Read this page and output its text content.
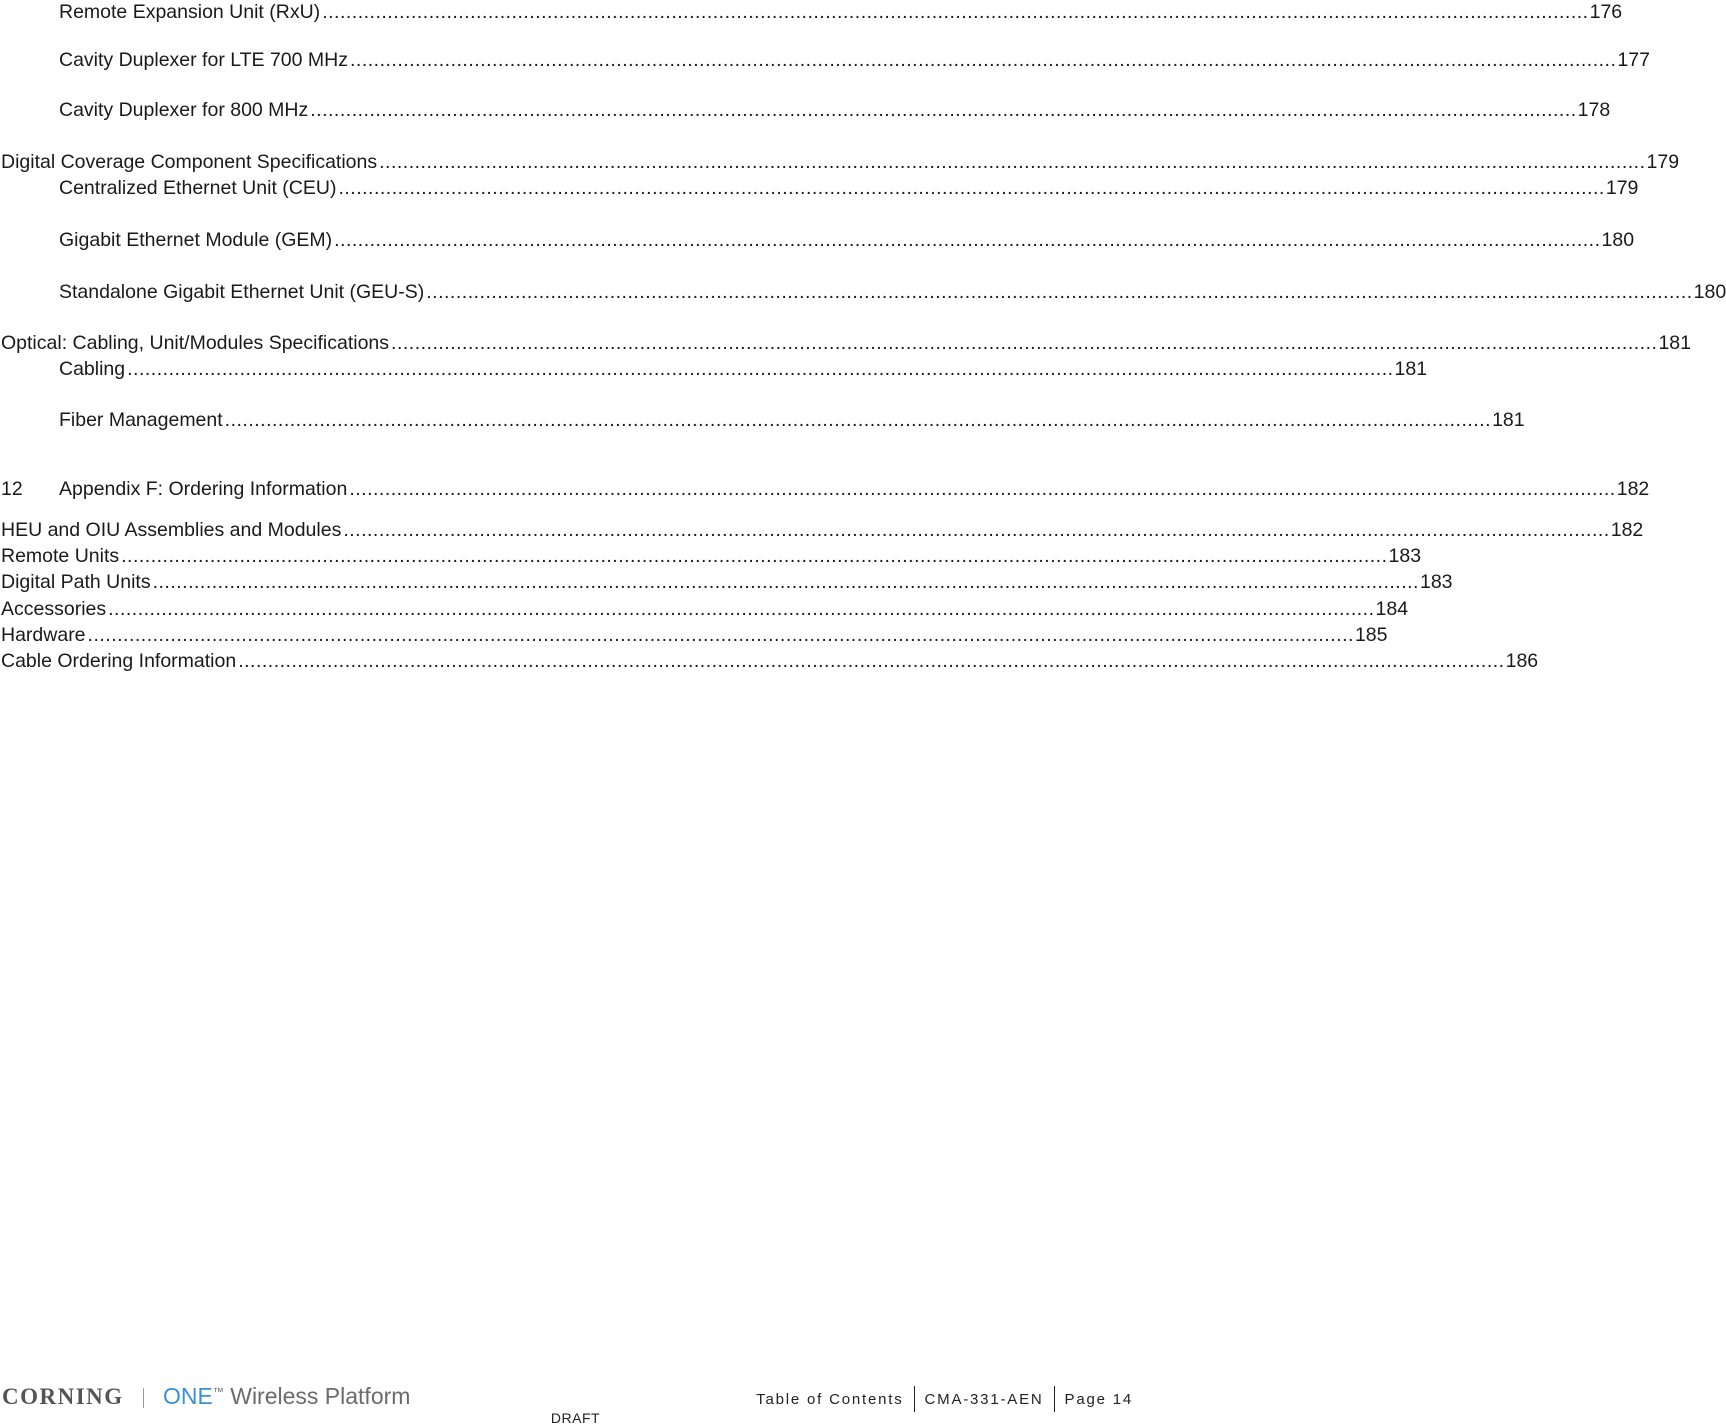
Remote Expansion Unit (RxU) ...................................................................................................................................................................................................................... 176
Cavity Duplexer for LTE 700 MHz ...................................................................................................................................................................................................................... 177
Cavity Duplexer for 800 MHz ...................................................................................................................................................................................................................... 178
Digital Coverage Component Specifications ...................................................................................................................................................................................................................... 179
Centralized Ethernet Unit (CEU) ...................................................................................................................................................................................................................... 179
Gigabit Ethernet Module (GEM) ...................................................................................................................................................................................................................... 180
Standalone Gigabit Ethernet Unit (GEU-S) ...................................................................................................................................................................................................................... 180
Optical: Cabling, Unit/Modules Specifications ...................................................................................................................................................................................................................... 181
Cabling ...................................................................................................................................................................................................................... 181
Fiber Management ...................................................................................................................................................................................................................... 181
12	Appendix F: Ordering Information ...................................................................................................................................................................................................................... 182
HEU and OIU Assemblies and Modules ...................................................................................................................................................................................................................... 182
Remote Units ...................................................................................................................................................................................................................... 183
Digital Path Units ...................................................................................................................................................................................................................... 183
Accessories ...................................................................................................................................................................................................................... 184
Hardware ...................................................................................................................................................................................................................... 185
Cable Ordering Information ...................................................................................................................................................................................................................... 186
CORNING ONE™ Wireless Platform	Table of Contents	CMA-331-AEN	Page 14
DRAFT
